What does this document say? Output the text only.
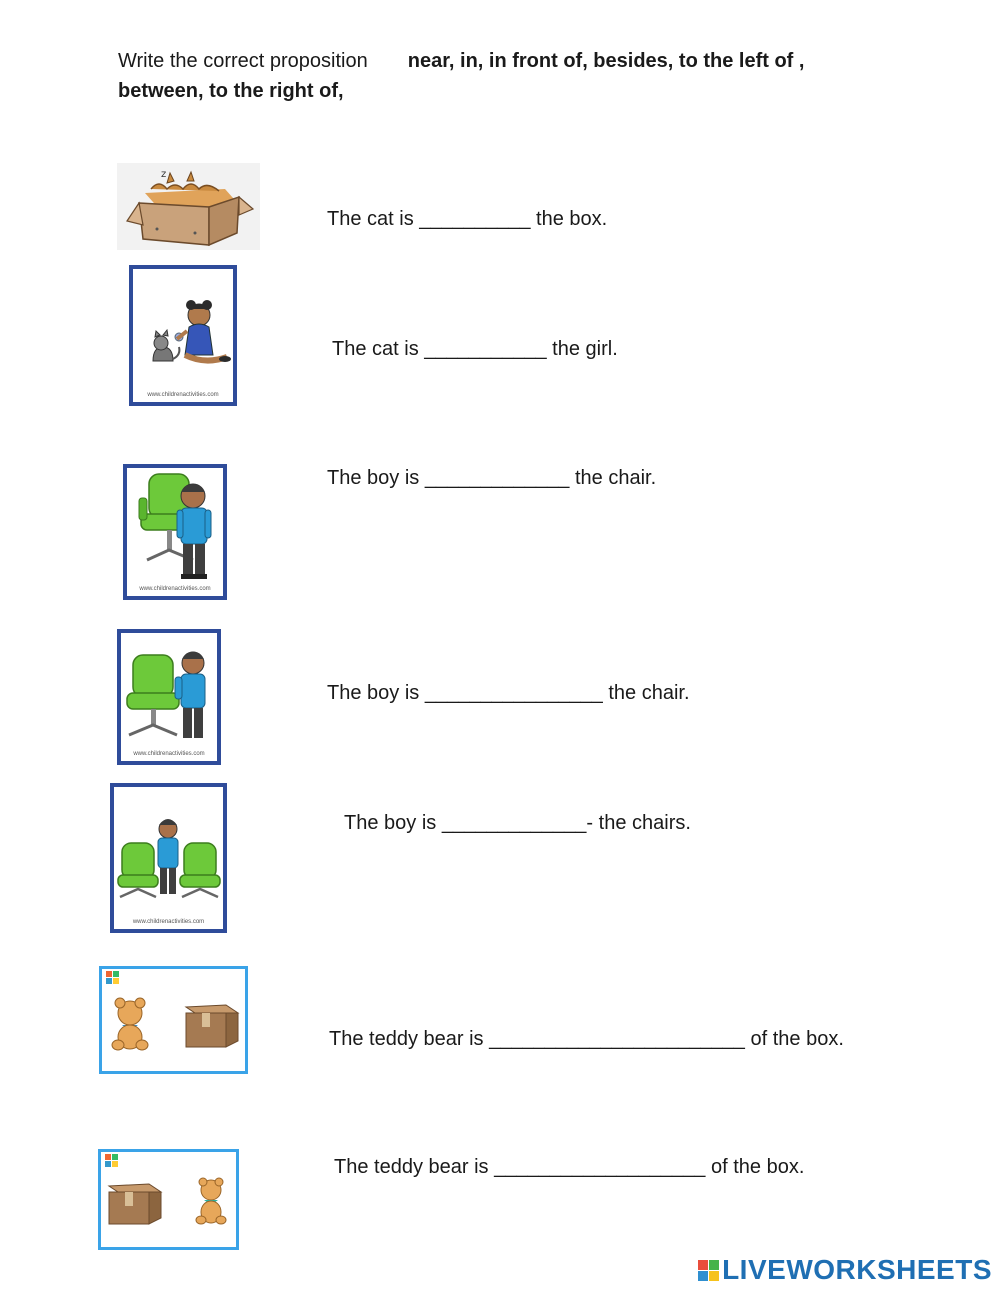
Write the correct proposition near, in, in front of, besides, to the left of ,
between, to the right of,
z
The cat is __________ the box.
www.childrenactivities.com
The cat is ___________ the girl.
www.childrenactivities.com
The boy is _____________ the chair.
www.childrenactivities.com
The boy is ________________ the chair.
www.childrenactivities.com
The boy is _____________- the chairs.
The teddy bear is _______________________ of the box.
The teddy bear is ___________________ of the box.
LIVEWORKSHEETS
